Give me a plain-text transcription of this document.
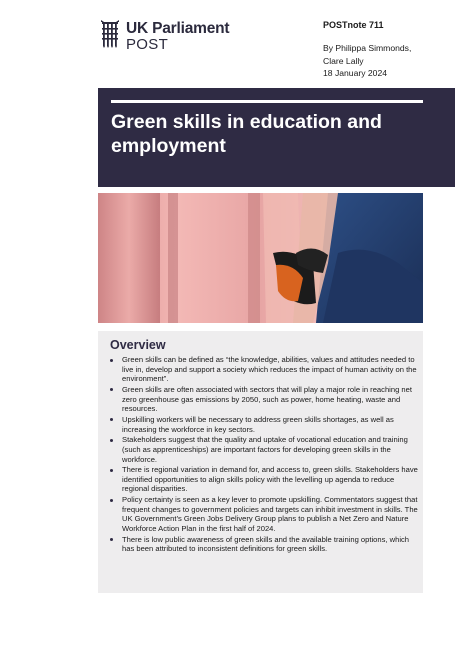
UK Parliament
POST
POSTnote 711
By Philippa Simmonds,
Clare Lally
18 January 2024
Green skills in education and employment
Overview
Green skills can be defined as “the knowledge, abilities, values and attitudes needed to live in, develop and support a society which reduces the impact of human activity on the environment”.
Green skills are often associated with sectors that will play a major role in reaching net zero greenhouse gas emissions by 2050, such as power, home heating, waste and resources.
Upskilling workers will be necessary to address green skills shortages, as well as increasing the workforce in key sectors.
Stakeholders suggest that the quality and uptake of vocational education and training (such as apprenticeships) are important factors for developing green skills in the workforce.
There is regional variation in demand for, and access to, green skills. Stakeholders have identified opportunities to align skills policy with the levelling up agenda to reduce regional disparities.
Policy certainty is seen as a key lever to promote upskilling. Commentators suggest that frequent changes to government policies and targets can inhibit investment in skills. The UK Government’s Green Jobs Delivery Group plans to publish a Net Zero and Nature Workforce Action Plan in the first half of 2024.
There is low public awareness of green skills and the available training options, which has been attributed to inconsistent definitions for green skills.
